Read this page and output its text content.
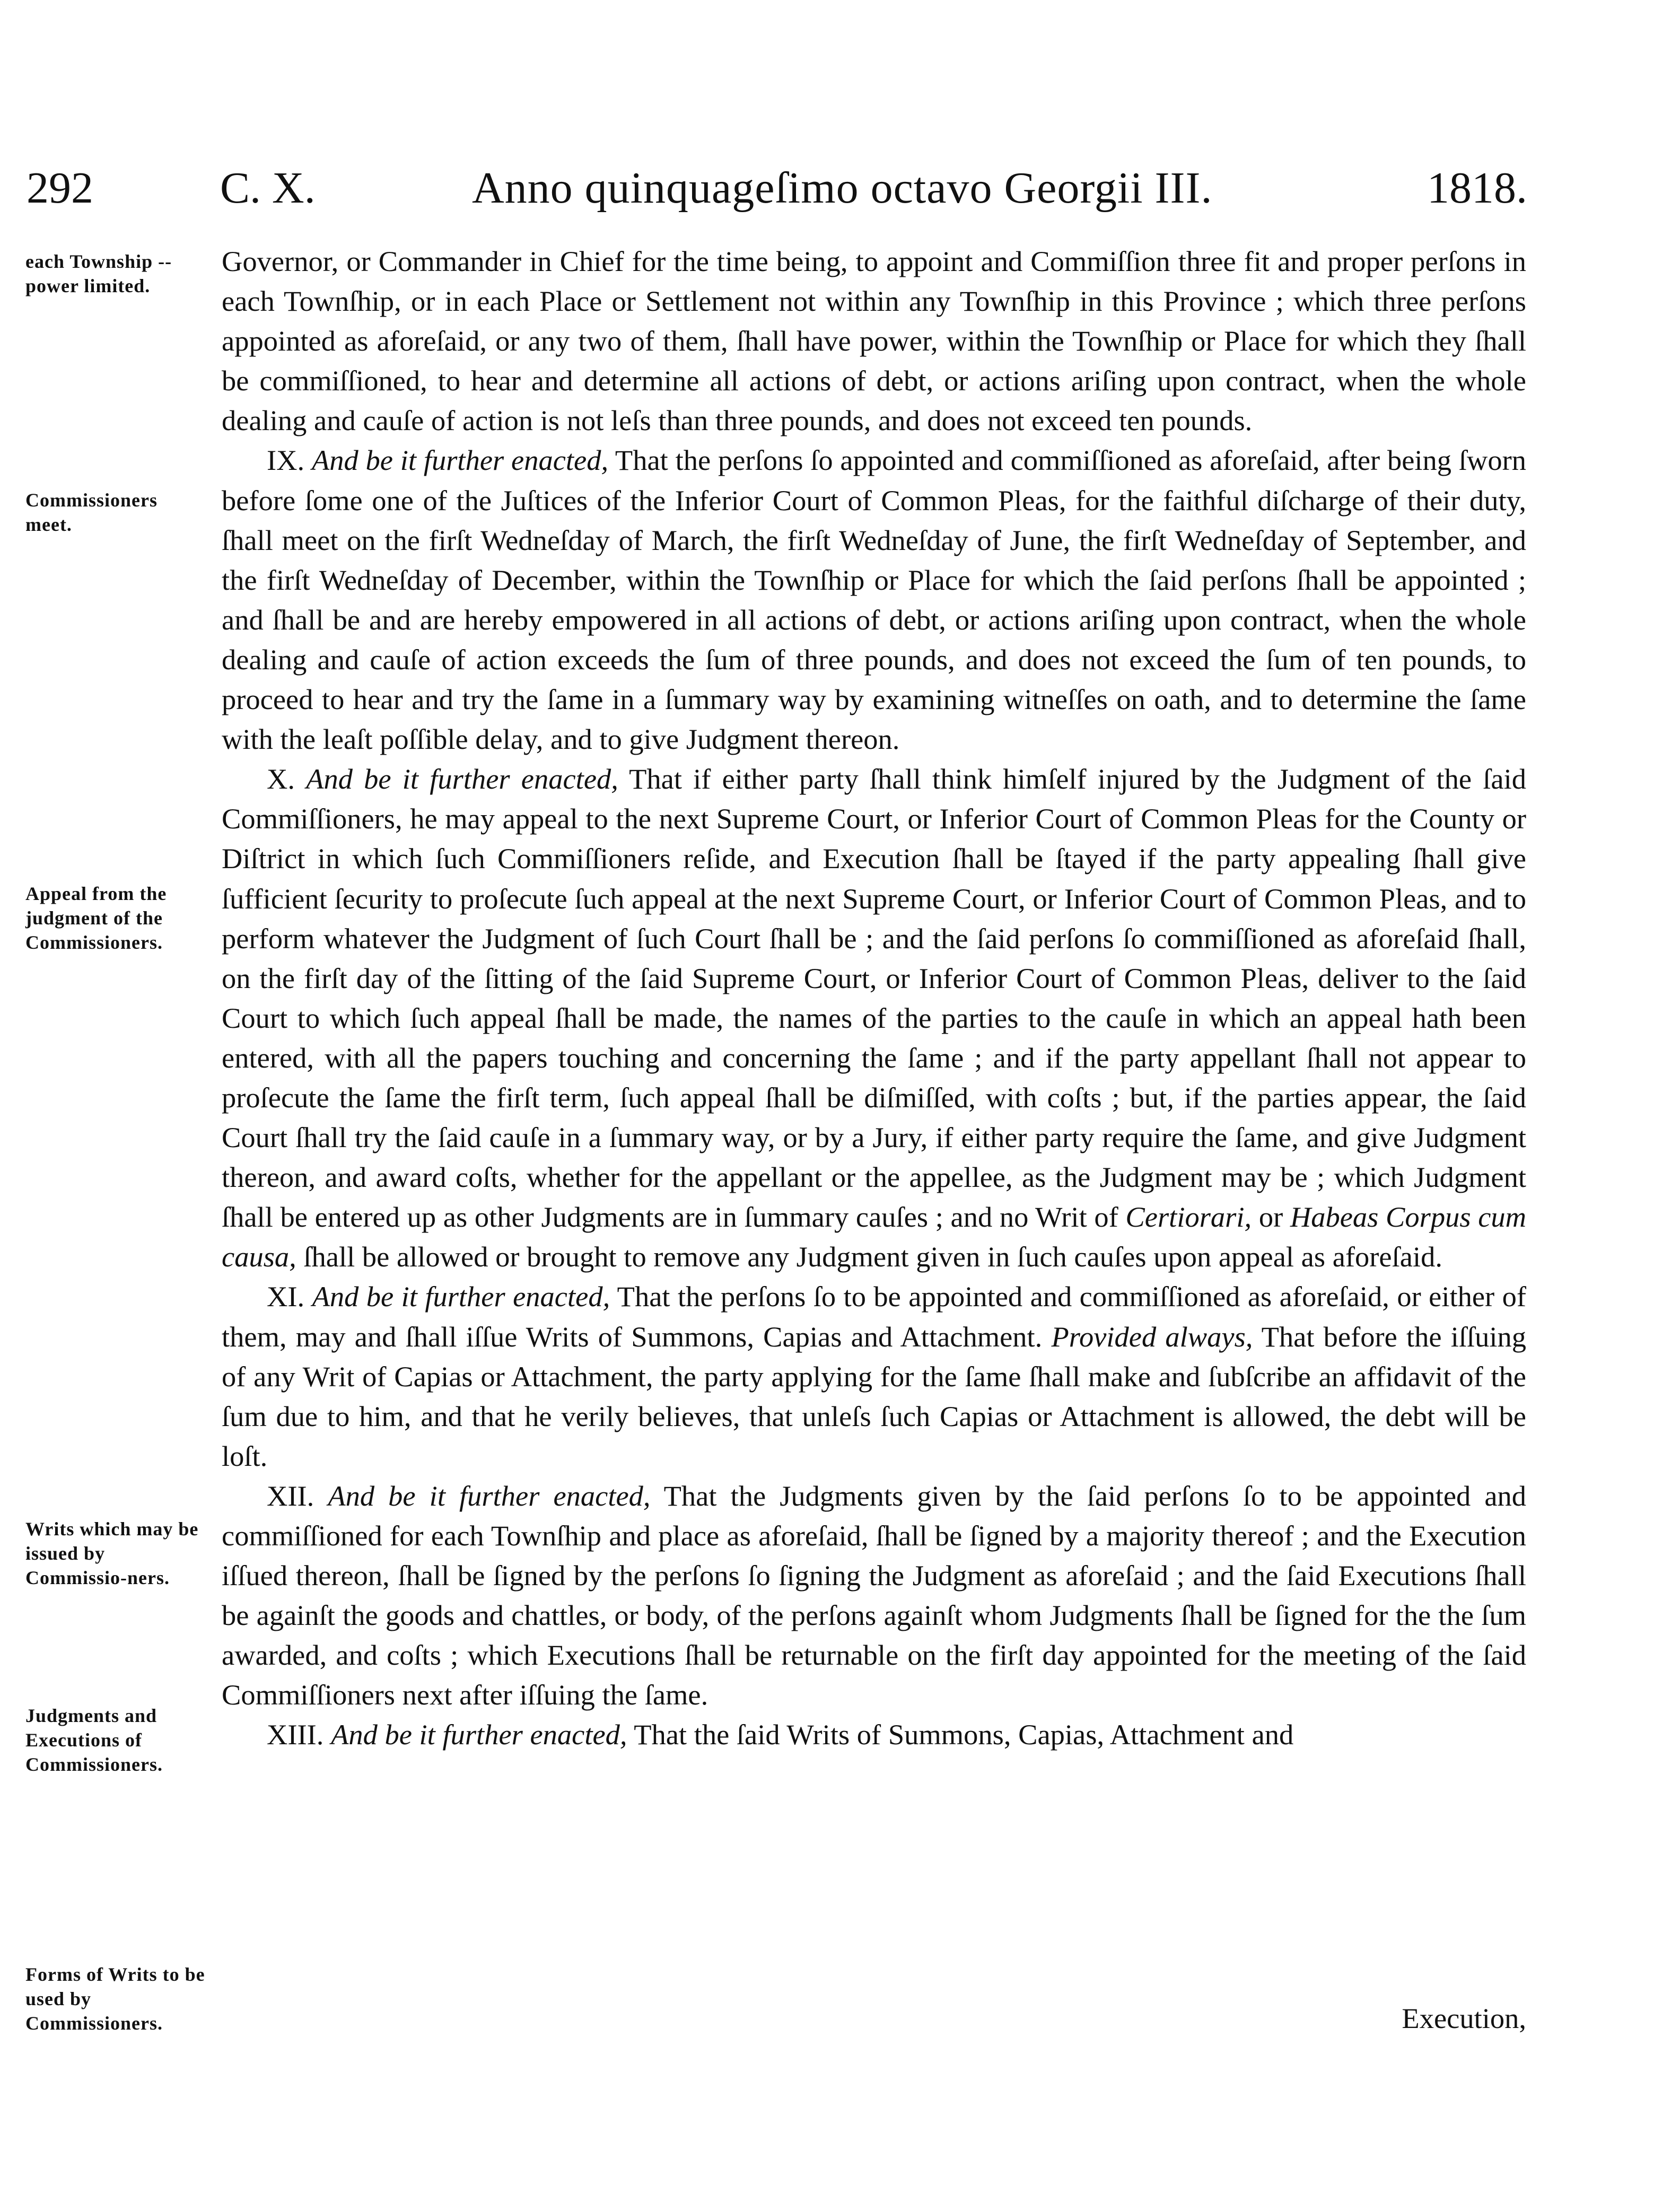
292	C. X.	Anno quinquageſimo octavo Georgii III.	1818.
each Township --power limited.
Commissioners meet.
Appeal from the judgment of the Commissioners.
Writs which may be issued by Commissio-ners.
Judgments and Executions of Commissioners.
Forms of Writs to be used by Commissioners.

Governor, or Commander in Chief for the time being, to appoint and Commiſſion three fit and proper perſons in each Townſhip, or in each Place or Settlement not within any Townſhip in this Province ; which three perſons appointed as aforeſaid, or any two of them, ſhall have power, within the Townſhip or Place for which they ſhall be commiſſioned, to hear and determine all actions of debt, or actions ariſing upon contract, when the whole dealing and cauſe of action is not leſs than three pounds, and does not exceed ten pounds.

IX. And be it further enacted, That the perſons ſo appointed and commiſſioned as aforeſaid, after being ſworn before ſome one of the Juſtices of the Inferior Court of Common Pleas, for the faithful diſcharge of their duty, ſhall meet on the firſt Wedneſday of March, the firſt Wedneſday of June, the firſt Wedneſday of September, and the firſt Wedneſday of December, within the Townſhip or Place for which the ſaid perſons ſhall be appointed ; and ſhall be and are hereby empowered in all actions of debt, or actions ariſing upon contract, when the whole dealing and cauſe of action exceeds the ſum of three pounds, and does not exceed the ſum of ten pounds, to proceed to hear and try the ſame in a ſummary way by examining witneſſes on oath, and to determine the ſame with the leaſt poſſible delay, and to give Judgment thereon.

X. And be it further enacted, That if either party ſhall think himſelf injured by the Judgment of the ſaid Commiſſioners, he may appeal to the next Supreme Court, or Inferior Court of Common Pleas for the County or Diſtrict in which ſuch Commiſſioners reſide, and Execution ſhall be ſtayed if the party appealing ſhall give ſufficient ſecurity to proſecute ſuch appeal at the next Supreme Court, or Inferior Court of Common Pleas, and to perform whatever the Judgment of ſuch Court ſhall be ; and the ſaid perſons ſo commiſſioned as aforeſaid ſhall, on the firſt day of the ſitting of the ſaid Supreme Court, or Inferior Court of Common Pleas, deliver to the ſaid Court to which ſuch appeal ſhall be made, the names of the parties to the cauſe in which an appeal hath been entered, with all the papers touching and concerning the ſame ; and if the party appellant ſhall not appear to proſecute the ſame the firſt term, ſuch appeal ſhall be diſmiſſed, with coſts ; but, if the parties appear, the ſaid Court ſhall try the ſaid cauſe in a ſummary way, or by a Jury, if either party require the ſame, and give Judgment thereon, and award coſts, whether for the appellant or the appellee, as the Judgment may be ; which Judgment ſhall be entered up as other Judgments are in ſummary cauſes ; and no Writ of Certiorari, or Habeas Corpus cum causa, ſhall be allowed or brought to remove any Judgment given in ſuch cauſes upon appeal as aforeſaid.

XI. And be it further enacted, That the perſons ſo to be appointed and commiſſioned as aforeſaid, or either of them, may and ſhall iſſue Writs of Summons, Capias and Attachment. Provided always, That before the iſſuing of any Writ of Capias or Attachment, the party applying for the ſame ſhall make and ſubſcribe an affidavit of the ſum due to him, and that he verily believes, that unleſs ſuch Capias or Attachment is allowed, the debt will be loſt.

XII. And be it further enacted, That the Judgments given by the ſaid perſons ſo to be appointed and commiſſioned for each Townſhip and place as aforeſaid, ſhall be ſigned by a majority thereof ; and the Execution iſſued thereon, ſhall be ſigned by the perſons ſo ſigning the Judgment as aforeſaid ; and the ſaid Executions ſhall be againſt the goods and chattles, or body, of the perſons againſt whom Judgments ſhall be ſigned for the the ſum awarded, and coſts ; which Executions ſhall be returnable on the firſt day appointed for the meeting of the ſaid Commiſſioners next after iſſuing the ſame.

XIII. And be it further enacted, That the ſaid Writs of Summons, Capias, Attachment and

Execution,
